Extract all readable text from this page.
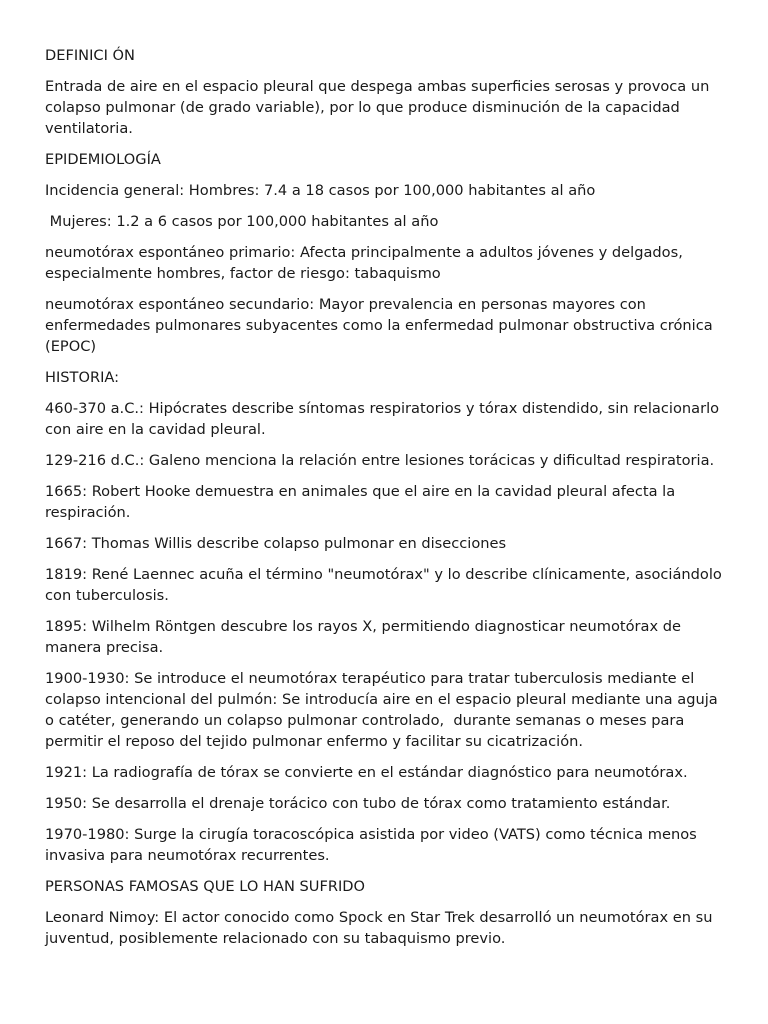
DEFINICI ÓN

Entrada de aire en el espacio pleural que despega ambas superficies serosas y provoca un colapso pulmonar (de grado variable), por lo que produce disminución de la capacidad ventilatoria.

EPIDEMIOLOGÍA

Incidencia general: Hombres: 7.4 a 18 casos por 100,000 habitantes al año

Mujeres: 1.2 a 6 casos por 100,000 habitantes al año

neumotórax espontáneo primario: Afecta principalmente a adultos jóvenes y delgados, especialmente hombres, factor de riesgo: tabaquismo

neumotórax espontáneo secundario: Mayor prevalencia en personas mayores con enfermedades pulmonares subyacentes como la enfermedad pulmonar obstructiva crónica (EPOC)

HISTORIA:

460-370 a.C.: Hipócrates describe síntomas respiratorios y tórax distendido, sin relacionarlo con aire en la cavidad pleural.

129-216 d.C.: Galeno menciona la relación entre lesiones torácicas y dificultad respiratoria.

1665: Robert Hooke demuestra en animales que el aire en la cavidad pleural afecta la respiración.

1667: Thomas Willis describe colapso pulmonar en disecciones

1819: René Laennec acuña el término "neumotórax" y lo describe clínicamente, asociándolo con tuberculosis.

1895: Wilhelm Röntgen descubre los rayos X, permitiendo diagnosticar neumotórax de manera precisa.

1900-1930: Se introduce el neumotórax terapéutico para tratar tuberculosis mediante el colapso intencional del pulmón: Se introducía aire en el espacio pleural mediante una aguja o catéter, generando un colapso pulmonar controlado,  durante semanas o meses para permitir el reposo del tejido pulmonar enfermo y facilitar su cicatrización.

1921: La radiografía de tórax se convierte en el estándar diagnóstico para neumotórax.

1950: Se desarrolla el drenaje torácico con tubo de tórax como tratamiento estándar.

1970-1980: Surge la cirugía toracoscópica asistida por video (VATS) como técnica menos invasiva para neumotórax recurrentes.

PERSONAS FAMOSAS QUE LO HAN SUFRIDO

Leonard Nimoy: El actor conocido como Spock en Star Trek desarrolló un neumotórax en su juventud, posiblemente relacionado con su tabaquismo previo.
